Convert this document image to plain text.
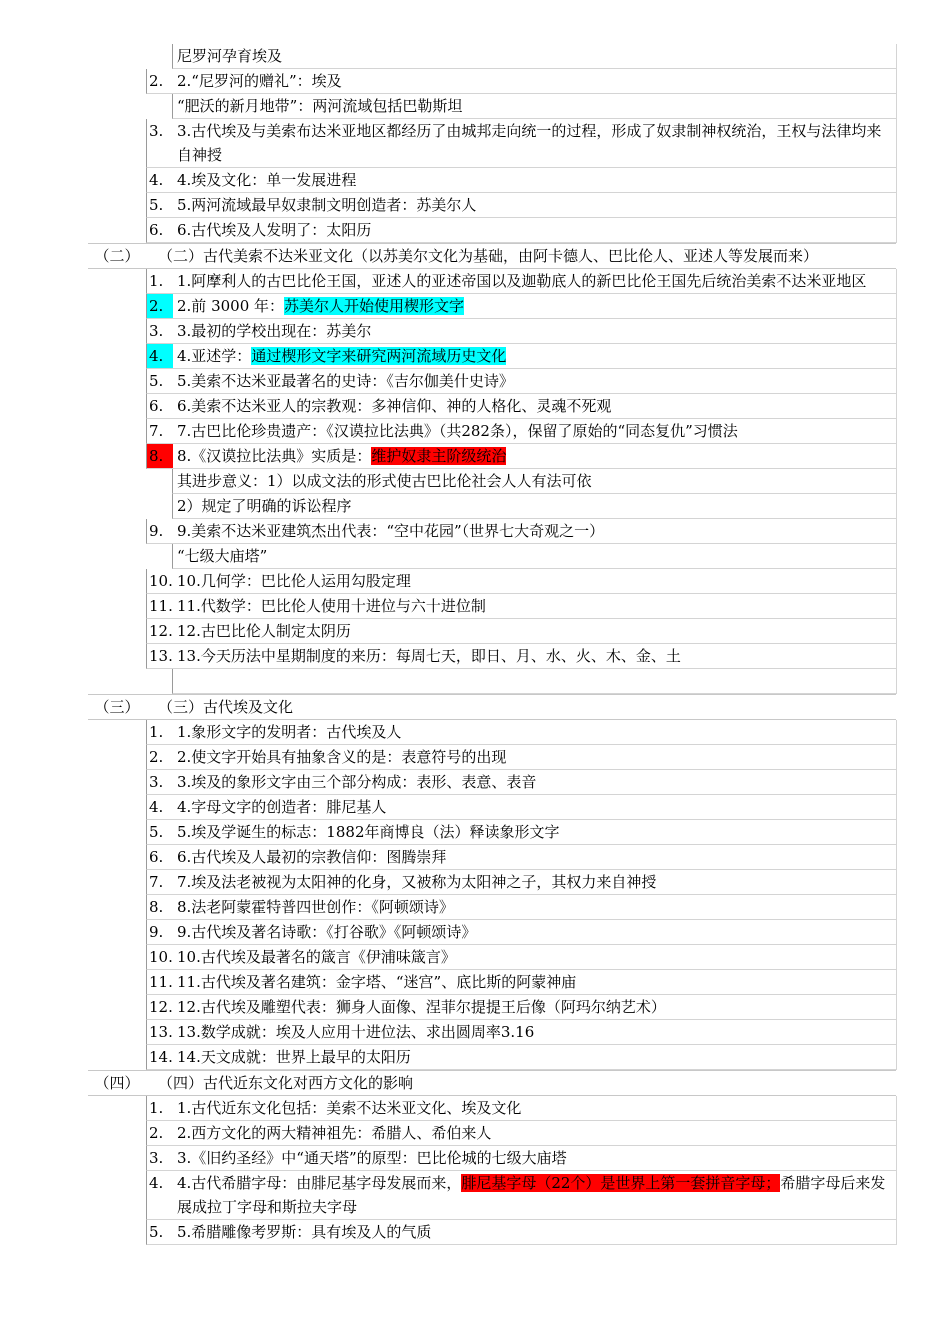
尼罗河孕育埃及
2. 2.“尼罗河的赠礼”：埃及
“肥沃的新月地带”：两河流域包括巴勒斯坦
3. 3.古代埃及与美索布达米亚地区都经历了由城邦走向统一的过程，形成了奴隶制神权统治，王权与法律均来自神授
4. 4.埃及文化：单一发展进程
5. 5.两河流域最早奴隶制文明创造者：苏美尔人
6. 6.古代埃及人发明了：太阳历
（二）	（二）古代美索不达米亚文化（以苏美尔文化为基础，由阿卡德人、巴比伦人、亚述人等发展而来）
1. 1.阿摩利人的古巴比伦王国，亚述人的亚述帝国以及迦勒底人的新巴比伦王国先后统治美索不达米亚地区
2. 2.前 3000 年：苏美尔人开始使用楔形文字
3. 3.最初的学校出现在：苏美尔
4. 4.亚述学：通过楔形文字来研究两河流域历史文化
5. 5.美索不达米亚最著名的史诗：《吉尔伽美什史诗》
6. 6.美索不达米亚人的宗教观：多神信仰、神的人格化、灵魂不死观
7. 7.古巴比伦珍贵遗产：《汉谟拉比法典》（共282条），保留了原始的“同态复仇”习惯法
8. 8.《汉谟拉比法典》实质是：维护奴隶主阶级统治
其进步意义：1）以成文法的形式使古巴比伦社会人人有法可依
2）规定了明确的诉讼程序
9. 9.美索不达米亚建筑杰出代表：“空中花园”（世界七大奇观之一）
“七级大庙塔”
10. 10.几何学：巴比伦人运用勾股定理
11. 11.代数学：巴比伦人使用十进位与六十进位制
12. 12.古巴比伦人制定太阴历
13. 13.今天历法中星期制度的来历：每周七天，即日、月、水、火、木、金、土
（三）	（三）古代埃及文化
1. 1.象形文字的发明者：古代埃及人
2. 2.使文字开始具有抽象含义的是：表意符号的出现
3. 3.埃及的象形文字由三个部分构成：表形、表意、表音
4. 4.字母文字的创造者：腓尼基人
5. 5.埃及学诞生的标志：1882年商博良（法）释读象形文字
6. 6.古代埃及人最初的宗教信仰：图腾崇拜
7. 7.埃及法老被视为太阳神的化身，又被称为太阳神之子，其权力来自神授
8. 8.法老阿蒙霍特普四世创作：《阿顿颂诗》
9. 9.古代埃及著名诗歌：《打谷歌》《阿顿颂诗》
10. 10.古代埃及最著名的箴言《伊浦味箴言》
11. 11.古代埃及著名建筑：金字塔、“迷宫”、底比斯的阿蒙神庙
12. 12.古代埃及雕塑代表：狮身人面像、涅菲尔提提王后像（阿玛尔纳艺术）
13. 13.数学成就：埃及人应用十进位法、求出圆周率3.16
14. 14.天文成就：世界上最早的太阳历
（四）	（四）古代近东文化对西方文化的影响
1. 1.古代近东文化包括：美索不达米亚文化、埃及文化
2. 2.西方文化的两大精神祖先：希腊人、希伯来人
3. 3.《旧约圣经》中“通天塔”的原型：巴比伦城的七级大庙塔
4. 4.古代希腊字母：由腓尼基字母发展而来，腓尼基字母（22个）是世界上第一套拼音字母；希腊字母后来发展成拉丁字母和斯拉夫字母
5. 5.希腊雕像考罗斯：具有埃及人的气质
